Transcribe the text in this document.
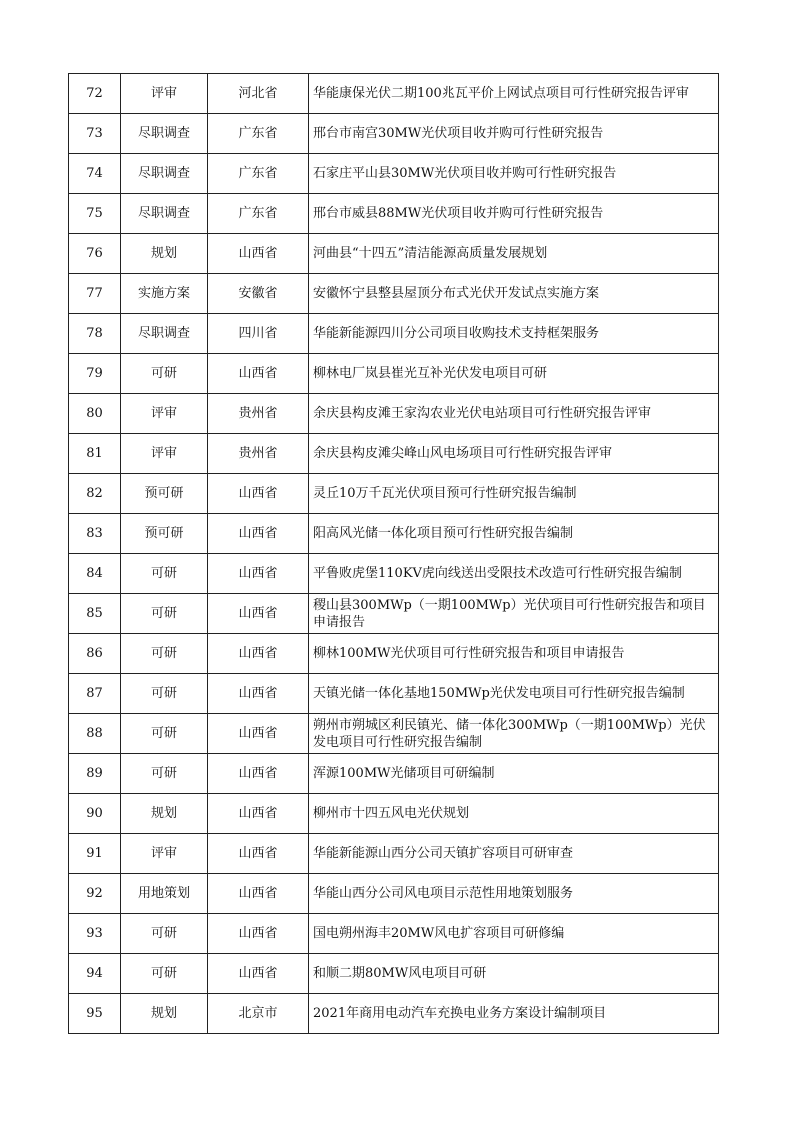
72	评审	河北省	华能康保光伏二期100兆瓦平价上网试点项目可行性研究报告评审
73	尽职调查	广东省	邢台市南宫30MW光伏项目收并购可行性研究报告
74	尽职调查	广东省	石家庄平山县30MW光伏项目收并购可行性研究报告
75	尽职调查	广东省	邢台市威县88MW光伏项目收并购可行性研究报告
76	规划	山西省	河曲县“十四五”清洁能源高质量发展规划
77	实施方案	安徽省	安徽怀宁县整县屋顶分布式光伏开发试点实施方案
78	尽职调查	四川省	华能新能源四川分公司项目收购技术支持框架服务
79	可研	山西省	柳林电厂岚县崔光互补光伏发电项目可研
80	评审	贵州省	余庆县构皮滩王家沟农业光伏电站项目可行性研究报告评审
81	评审	贵州省	余庆县构皮滩尖峰山风电场项目可行性研究报告评审
82	预可研	山西省	灵丘10万千瓦光伏项目预可行性研究报告编制
83	预可研	山西省	阳高风光储一体化项目预可行性研究报告编制
84	可研	山西省	平鲁败虎堡110KV虎向线送出受限技术改造可行性研究报告编制
85	可研	山西省	稷山县300MWp（一期100MWp）光伏项目可行性研究报告和项目申请报告
86	可研	山西省	柳林100MW光伏项目可行性研究报告和项目申请报告
87	可研	山西省	天镇光储一体化基地150MWp光伏发电项目可行性研究报告编制
88	可研	山西省	朔州市朔城区利民镇光、储一体化300MWp（一期100MWp）光伏发电项目可行性研究报告编制
89	可研	山西省	浑源100MW光储项目可研编制
90	规划	山西省	柳州市十四五风电光伏规划
91	评审	山西省	华能新能源山西分公司天镇扩容项目可研审查
92	用地策划	山西省	华能山西分公司风电项目示范性用地策划服务
93	可研	山西省	国电朔州海丰20MW风电扩容项目可研修编
94	可研	山西省	和顺二期80MW风电项目可研
95	规划	北京市	2021年商用电动汽车充换电业务方案设计编制项目
